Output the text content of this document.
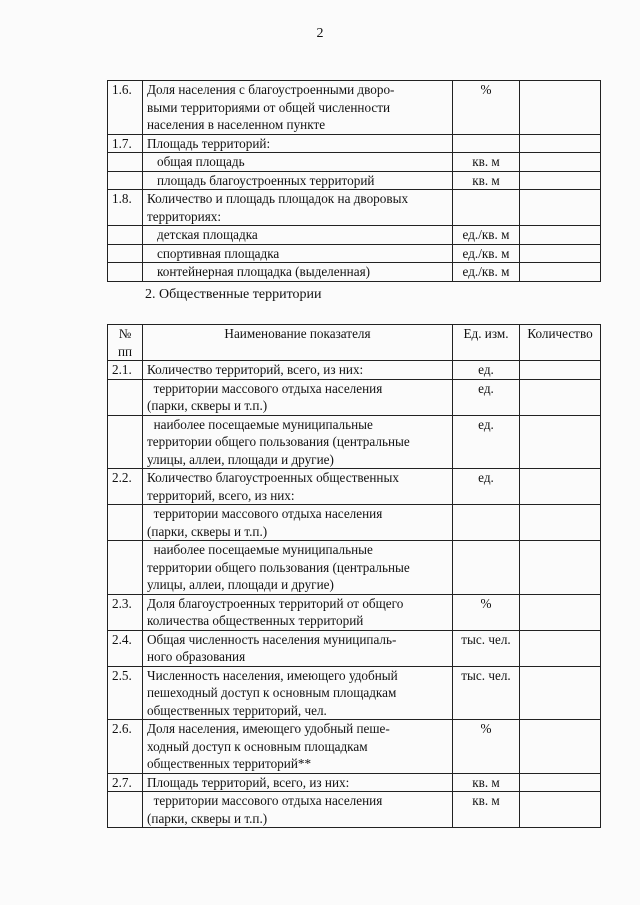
2
1.6.	Доля населения с благоустроенными дворо-
выми территориями от общей численности
населения в населенном пункте	%	
1.7.	Площадь территорий:		

	общая площадь	кв. м	

	площадь благоустроенных территорий	кв. м	
1.8.	Количество и площадь площадок на дворовых
территориях:		

	детская площадка	ед./кв. м	

	спортивная площадка	ед./кв. м	

	контейнерная площадка (выделенная)	ед./кв. м	
2. Общественные территории
№
пп	Наименование показателя	Ед. изм.	Количество
2.1.	Количество территорий, всего, из них:	ед.	

	территории массового отдыха населения
(парки, скверы и т.п.)	ед.	

	наиболее посещаемые муниципальные
территории общего пользования (центральные
улицы, аллеи, площади и другие)	ед.	
2.2.	Количество благоустроенных общественных
территорий, всего, из них:	ед.	

	территории массового отдыха населения
(парки, скверы и т.п.)		

	наиболее посещаемые муниципальные
территории общего пользования (центральные
улицы, аллеи, площади и другие)		

2.3.	Доля благоустроенных территорий от общего
количества общественных территорий	%	
2.4.	Общая численность населения муниципаль-
ного образования	тыс. чел.	
2.5.	Численность населения, имеющего удобный
пешеходный доступ к основным площадкам
общественных территорий, чел.	тыс. чел.	
2.6.	Доля населения, имеющего удобный пеше-
ходный доступ к основным площадкам
общественных территорий**	%	
2.7.	Площадь территорий, всего, из них:	кв. м	

	территории массового отдыха населения
(парки, скверы и т.п.)	кв. м	
